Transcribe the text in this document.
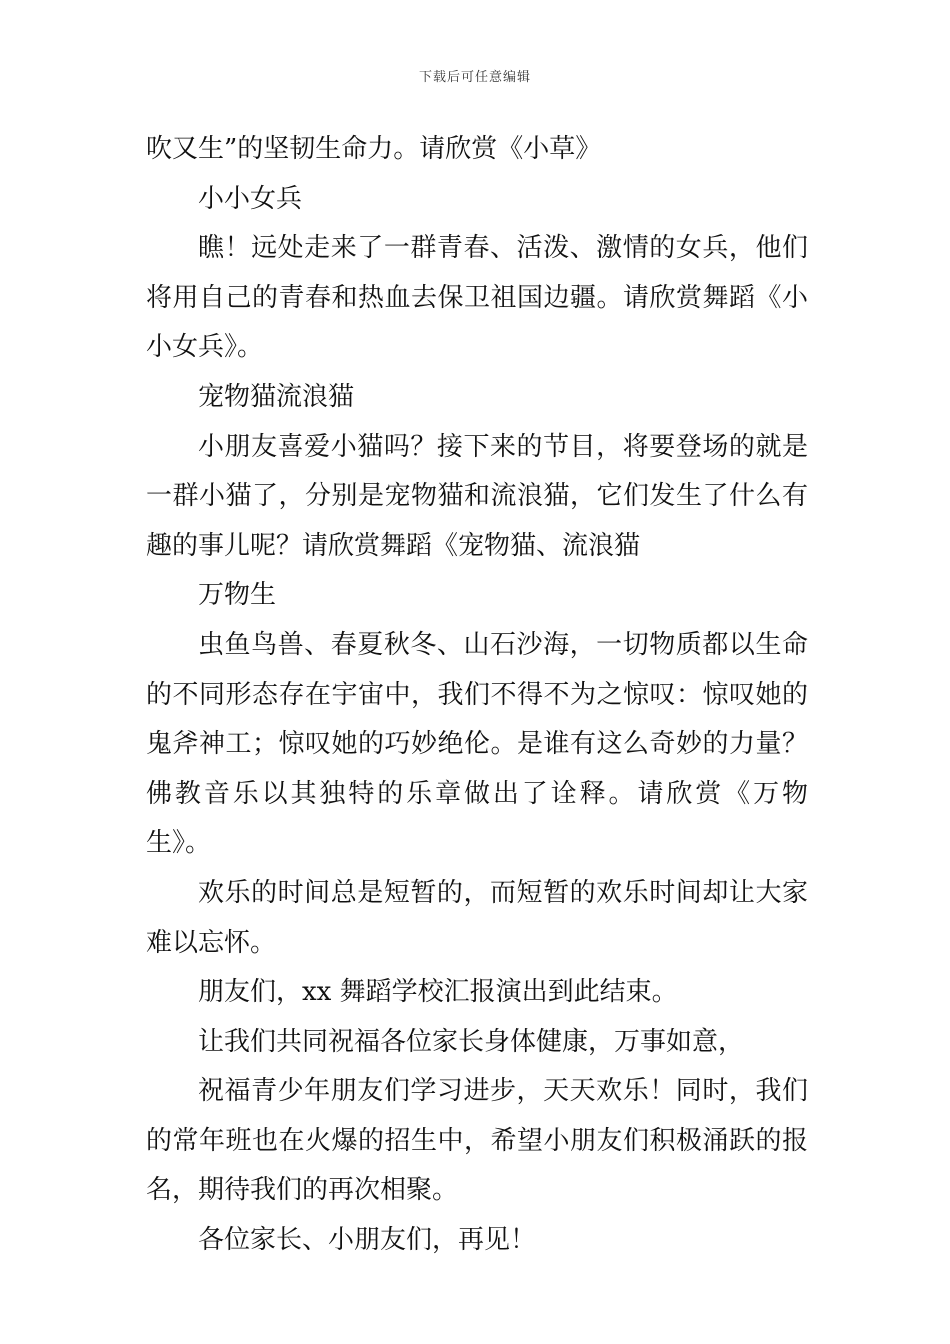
下载后可任意编辑

吹又生”的坚韧生命力。请欣赏《小草》

小小女兵

瞧！远处走来了一群青春、活泼、激情的女兵，他们将用自己的青春和热血去保卫祖国边疆。请欣赏舞蹈《小小女兵》。

宠物猫流浪猫

小朋友喜爱小猫吗？接下来的节目，将要登场的就是一群小猫了，分别是宠物猫和流浪猫，它们发生了什么有趣的事儿呢？请欣赏舞蹈《宠物猫、流浪猫

万物生

虫鱼鸟兽、春夏秋冬、山石沙海，一切物质都以生命的不同形态存在宇宙中，我们不得不为之惊叹：惊叹她的鬼斧神工；惊叹她的巧妙绝伦。是谁有这么奇妙的力量？佛教音乐以其独特的乐章做出了诠释。请欣赏《万物生》。

欢乐的时间总是短暂的，而短暂的欢乐时间却让大家难以忘怀。

朋友们，xx 舞蹈学校汇报演出到此结束。

让我们共同祝福各位家长身体健康，万事如意，

祝福青少年朋友们学习进步，天天欢乐！同时，我们的常年班也在火爆的招生中，希望小朋友们积极涌跃的报名，期待我们的再次相聚。

各位家长、小朋友们，再见！
